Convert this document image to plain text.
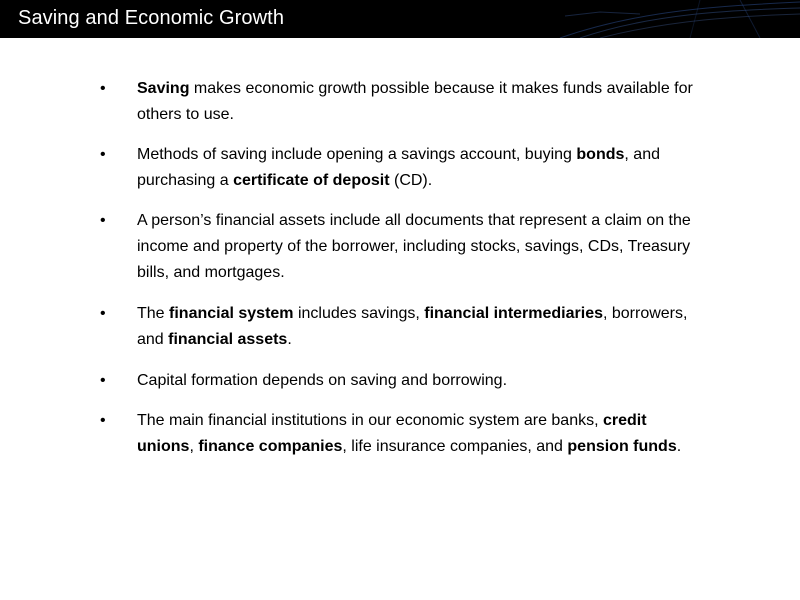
Saving and Economic Growth
• Saving makes economic growth possible because it makes funds available for others to use.
• Methods of saving include opening a savings account, buying bonds, and purchasing a certificate of deposit (CD).
• A person’s financial assets include all documents that represent a claim on the income and property of the borrower, including stocks, savings, CDs, Treasury bills, and mortgages.
• The financial system includes savings, financial intermediaries, borrowers, and financial assets.
• Capital formation depends on saving and borrowing.
• The main financial institutions in our economic system are banks, credit unions, finance companies, life insurance companies, and pension funds.
